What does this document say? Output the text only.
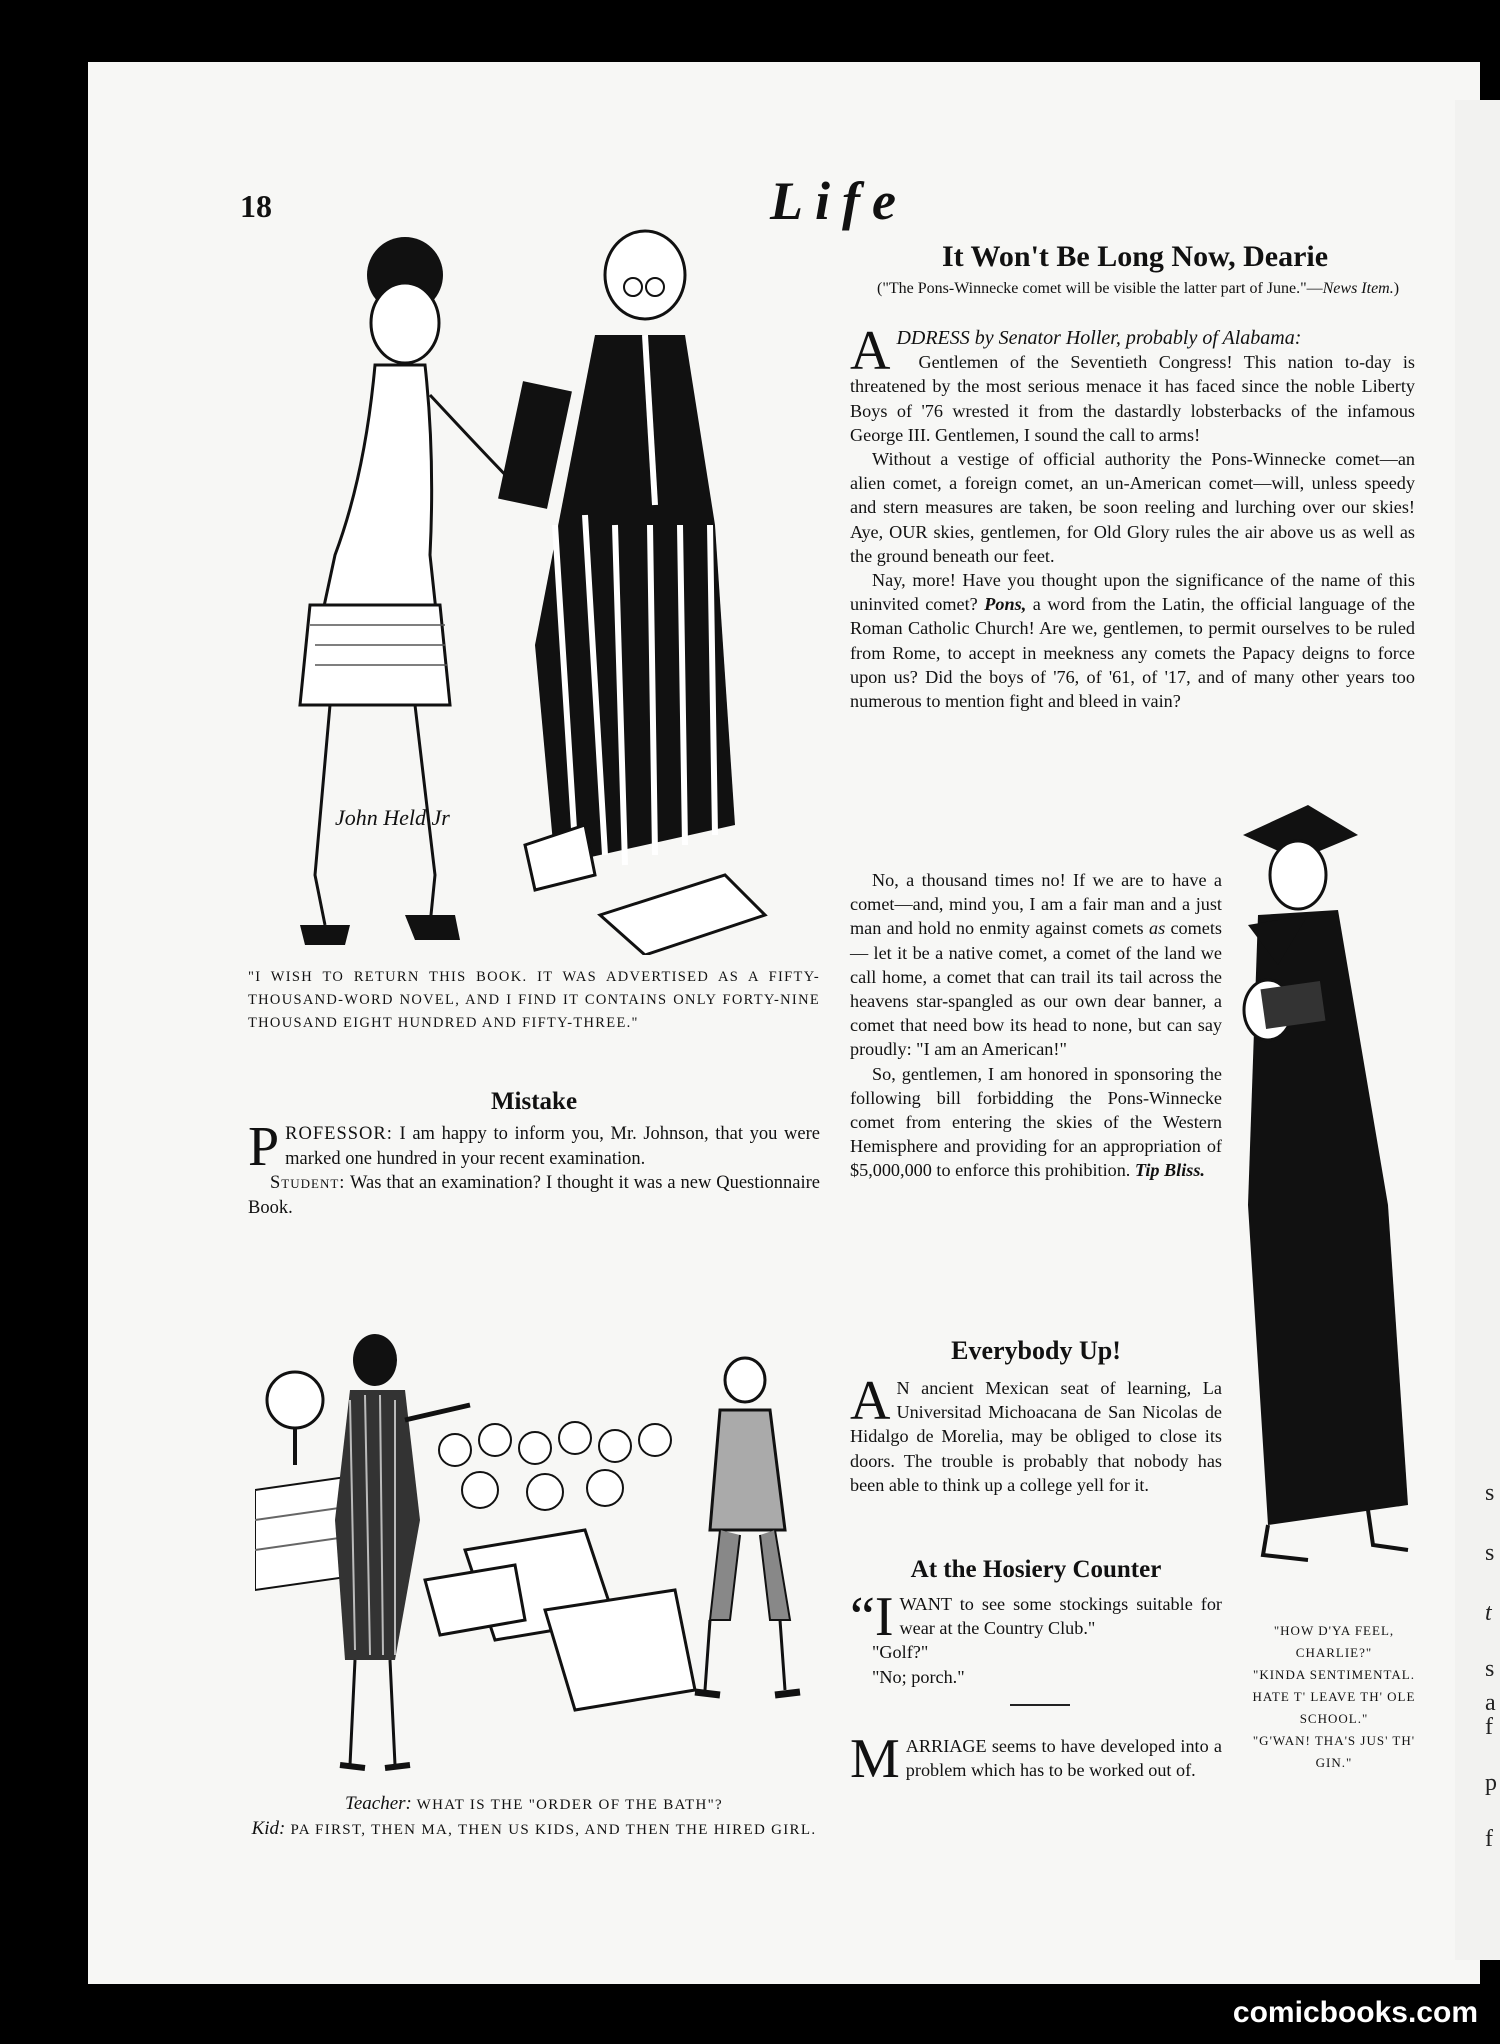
s
s
t
s
a
f
p
f
18	Life
John Held Jr
"I WISH TO RETURN THIS BOOK. IT WAS ADVERTISED AS A FIFTY-THOUSAND-WORD NOVEL, AND I FIND IT CONTAINS ONLY FORTY-NINE THOUSAND EIGHT HUNDRED AND FIFTY-THREE."
Mistake

PROFESSOR: I am happy to inform you, Mr. Johnson, that you were marked one hundred in your recent examination.

Student: Was that an examination? I thought it was a new Questionnaire Book.

Teacher: WHAT IS THE "ORDER OF THE BATH"?
Kid: PA FIRST, THEN MA, THEN US KIDS, AND THEN THE HIRED GIRL.
It Won't Be Long Now, Dearie

("The Pons-Winnecke comet will be visible the latter part of June."—News Item.)

ADDRESS by Senator Holler, probably of Alabama:

Gentlemen of the Seventieth Congress! This nation to-day is threatened by the most serious menace it has faced since the noble Liberty Boys of '76 wrested it from the dastardly lobsterbacks of the infamous George III. Gentlemen, I sound the call to arms!

Without a vestige of official authority the Pons-Winnecke comet—an alien comet, a foreign comet, an un-American comet—will, unless speedy and stern measures are taken, be soon reeling and lurching over our skies! Aye, OUR skies, gentlemen, for Old Glory rules the air above us as well as the ground beneath our feet.

Nay, more! Have you thought upon the significance of the name of this uninvited comet? Pons, a word from the Latin, the official language of the Roman Catholic Church! Are we, gentlemen, to permit ourselves to be ruled from Rome, to accept in meekness any comets the Papacy deigns to force upon us? Did the boys of '76, of '61, of '17, and of many other years too numerous to mention fight and bleed in vain?

No, a thousand times no! If we are to have a comet—and, mind you, I am a fair man and a just man and hold no enmity against comets as comets — let it be a native comet, a comet of the land we call home, a comet that can trail its tail across the heavens star-spangled as our own dear banner, a comet that need bow its head to none, but can say proudly: "I am an American!"

So, gentlemen, I am honored in sponsoring the following bill forbidding the Pons-Winnecke comet from entering the skies of the Western Hemisphere and providing for an appropriation of $5,000,000 to enforce this prohibition. Tip Bliss.

Everybody Up!

A N ancient Mexican seat of learning, La Universitad Michoacana de San Nicolas de Hidalgo de Morelia, may be obliged to close its doors. The trouble is probably that nobody has been able to think up a college yell for it.

At the Hosiery Counter

“IWANT to see some stockings suitable for wear at the Country Club."

"Golf?"

"No; porch."

MARRIAGE seems to have developed into a problem which has to be worked out of.

"HOW D'YA FEEL, CHARLIE?"
"KINDA SENTIMENTAL. HATE T' LEAVE TH' OLE SCHOOL."
"G'WAN! THA'S JUS' TH' GIN."
comicbooks.com
